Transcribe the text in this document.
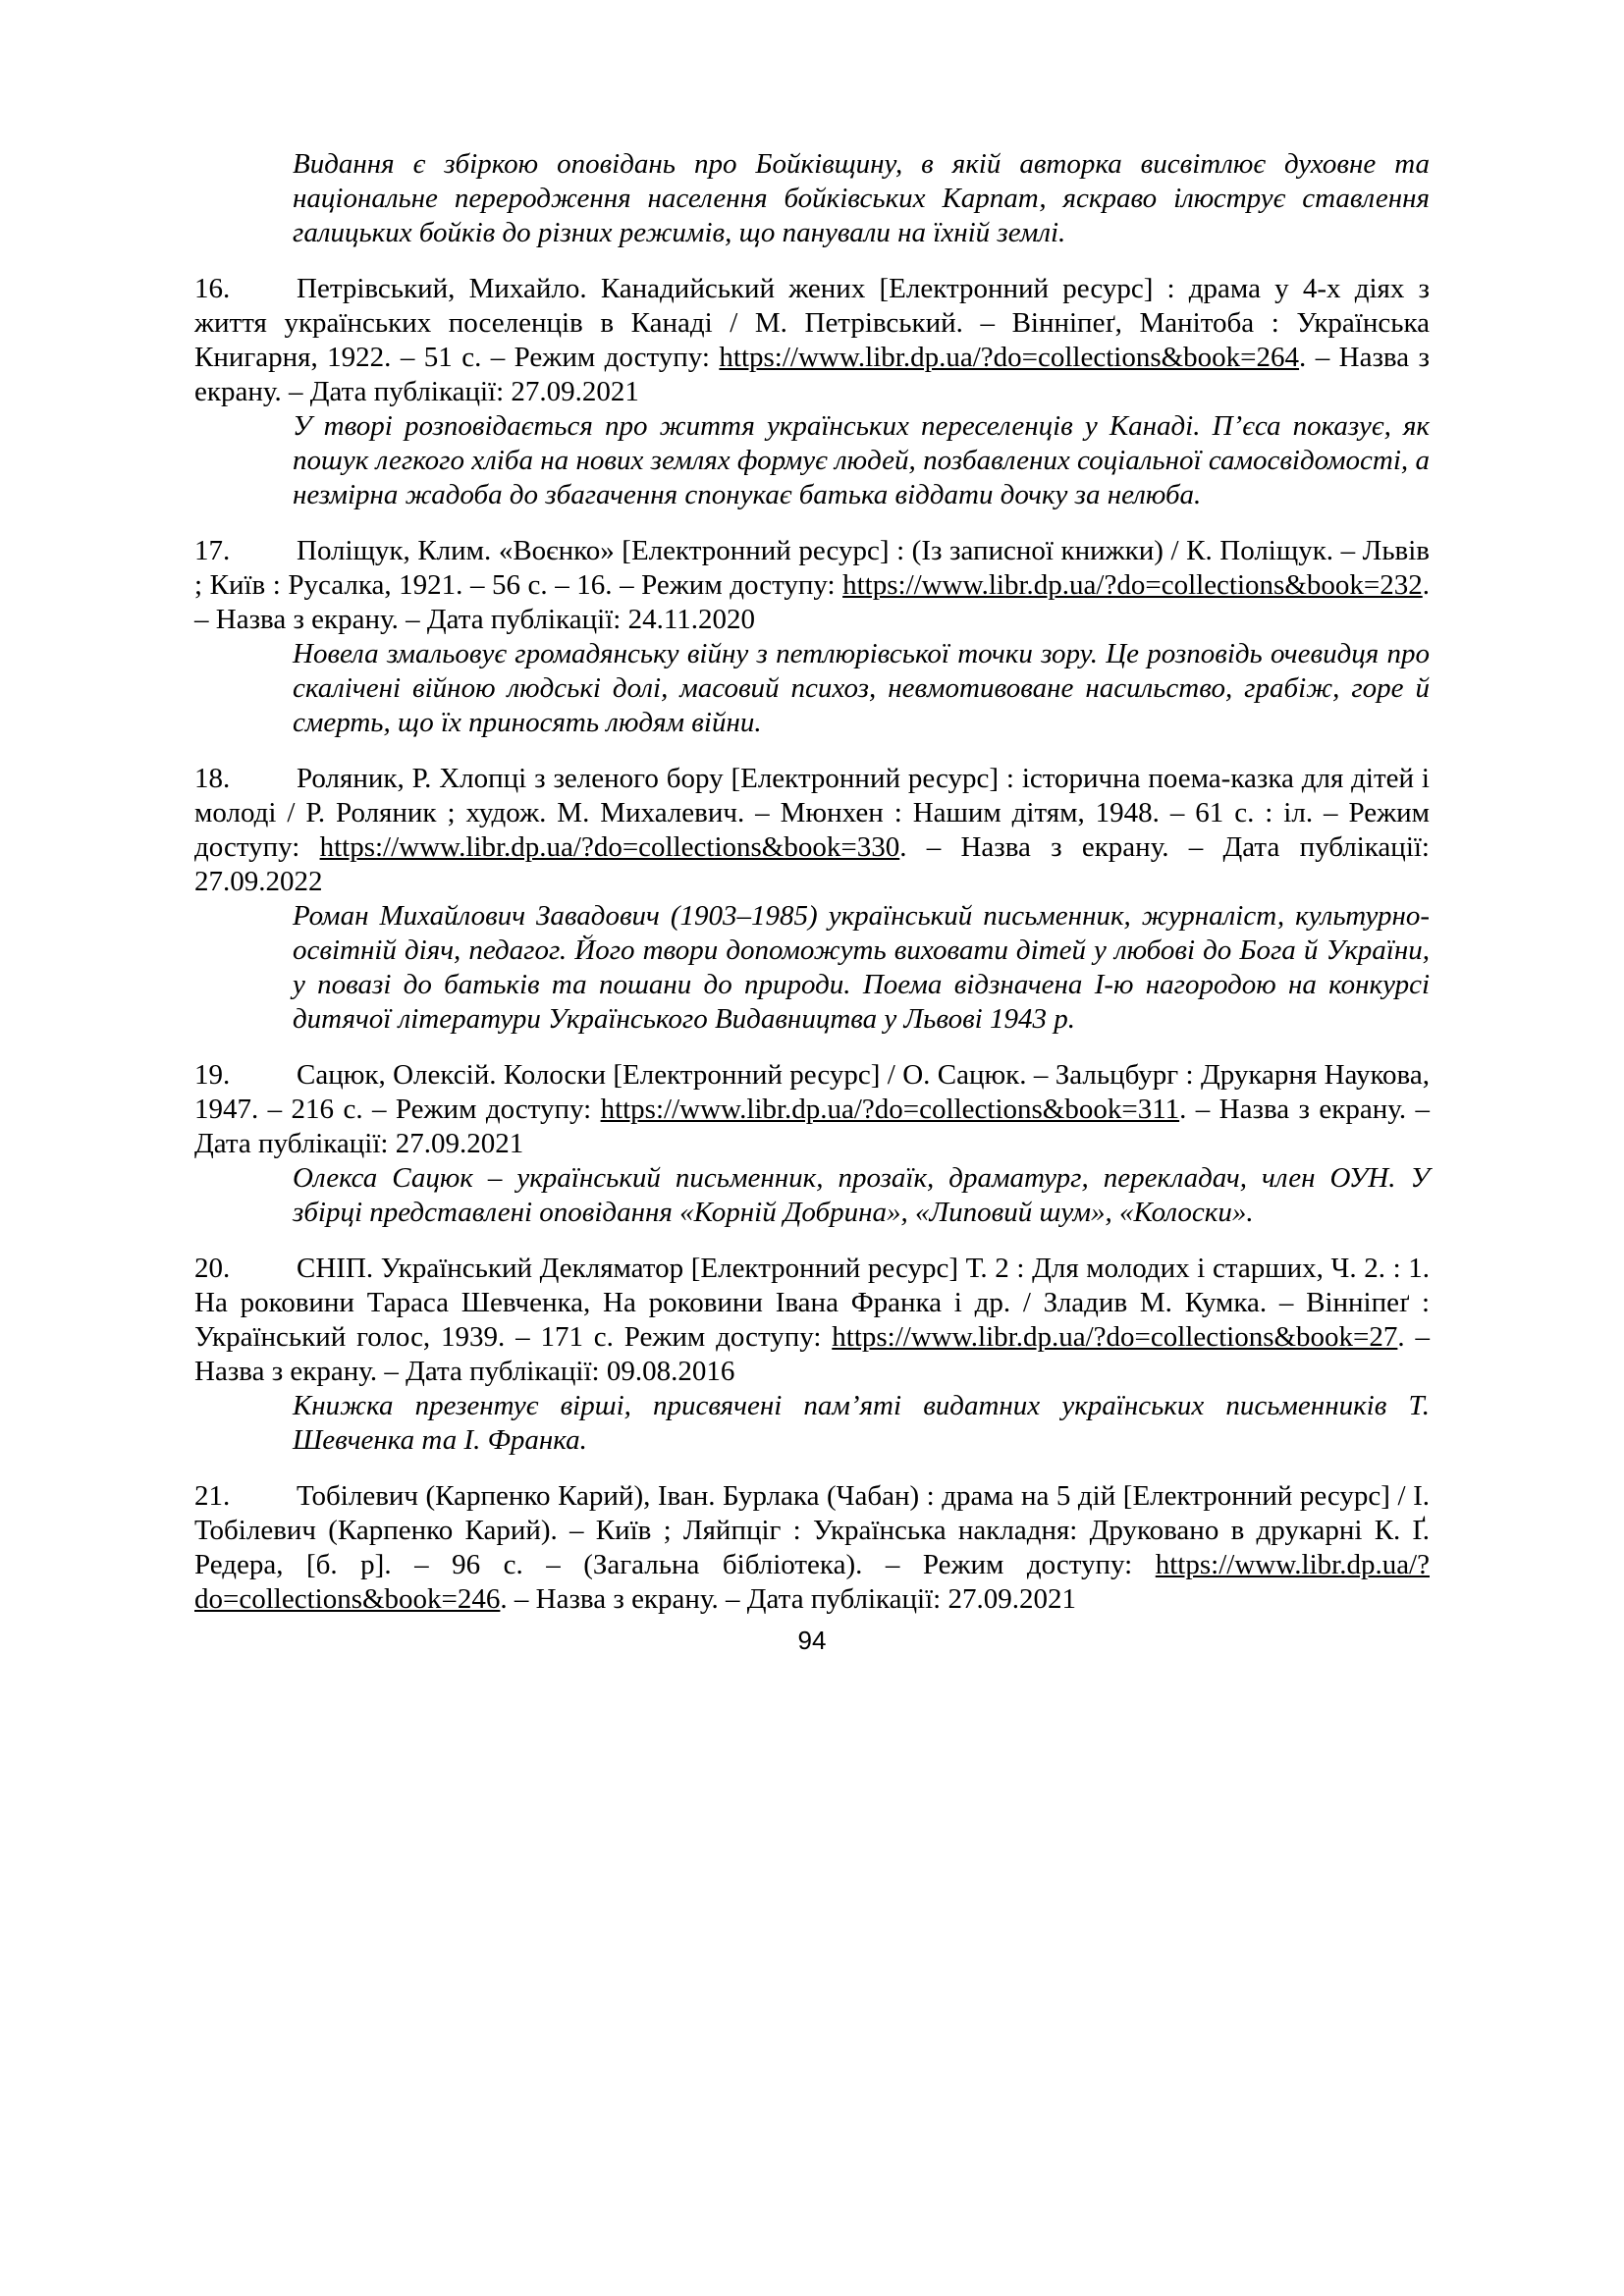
Видання є збіркою оповідань про Бойківщину, в якій авторка висвітлює духовне та національне переродження населення бойківських Карпат, яскраво ілюструє ставлення галицьких бойків до різних режимів, що панували на їхній землі.
16. Петрівський, Михайло. Канадийський жених [Електронний ресурс] : драма у 4-х діях з життя українських поселенців в Канаді / М. Петрівський. – Вінніпеґ, Манітоба : Українська Книгарня, 1922. – 51 с. – Режим доступу: https://www.libr.dp.ua/?do=collections&book=264. – Назва з екрану. – Дата публікації: 27.09.2021
У творі розповідається про життя українських переселенців у Канаді. П’єса показує, як пошук легкого хліба на нових землях формує людей, позбавлених соціальної самосвідомості, а незмірна жадоба до збагачення спонукає батька віддати дочку за нелюба.
17. Поліщук, Клим. «Воєнко» [Електронний ресурс] : (Із записної книжки) / К. Поліщук. – Львів ; Київ : Русалка, 1921. – 56 с. – 16. – Режим доступу: https://www.libr.dp.ua/?do=collections&book=232. – Назва з екрану. – Дата публікації: 24.11.2020
Новела змальовує громадянську війну з петлюрівської точки зору. Це розповідь очевидця про скалічені війною людські долі, масовий психоз, невмотивоване насильство, грабіж, горе й смерть, що їх приносять людям війни.
18. Роляник, Р. Хлопці з зеленого бору [Електронний ресурс] : історична поема-казка для дітей і молоді / Р. Роляник ; худож. М. Михалевич. – Мюнхен : Нашим дітям, 1948. – 61 с. : іл. – Режим доступу: https://www.libr.dp.ua/?do=collections&book=330. – Назва з екрану. – Дата публікації: 27.09.2022
Роман Михайлович Завадович (1903–1985) український письменник, журналіст, культурно-освітній діяч, педагог. Його твори допоможуть виховати дітей у любові до Бога й України, у повазі до батьків та пошани до природи. Поема відзначена І-ю нагородою на конкурсі дитячої літератури Українського Видавництва у Львові 1943 р.
19. Сацюк, Олексій. Колоски [Електронний ресурс] / О. Сацюк. – Зальцбург : Друкарня Наукова, 1947. – 216 с. – Режим доступу: https://www.libr.dp.ua/?do=collections&book=311. – Назва з екрану. – Дата публікації: 27.09.2021
Олекса Сацюк – український письменник, прозаїк, драматург, перекладач, член ОУН. У збірці представлені оповідання «Корній Добрина», «Липовий шум», «Колоски».
20. СНІП. Український Декляматор [Електронний ресурс] Т. 2 : Для молодих і старших, Ч. 2. : 1. На роковини Тараса Шевченка, На роковини Івана Франка і др. / Зладив М. Кумка. – Вінніпеґ : Український голос, 1939. – 171 с. Режим доступу: https://www.libr.dp.ua/?do=collections&book=27. – Назва з екрану. – Дата публікації: 09.08.2016
Книжка презентує вірші, присвячені пам’яті видатних українських письменників Т. Шевченка та І. Франка.
21. Тобілевич (Карпенко Карий), Іван. Бурлака (Чабан) : драма на 5 дій [Електронний ресурс] / І. Тобілевич (Карпенко Карий). – Київ ; Ляйпціг : Українська накладня: Друковано в друкарні К. Ґ. Редера, [б. р]. – 96 с. – (Загальна бібліотека). – Режим доступу: https://www.libr.dp.ua/?do=collections&book=246. – Назва з екрану. – Дата публікації: 27.09.2021
94
